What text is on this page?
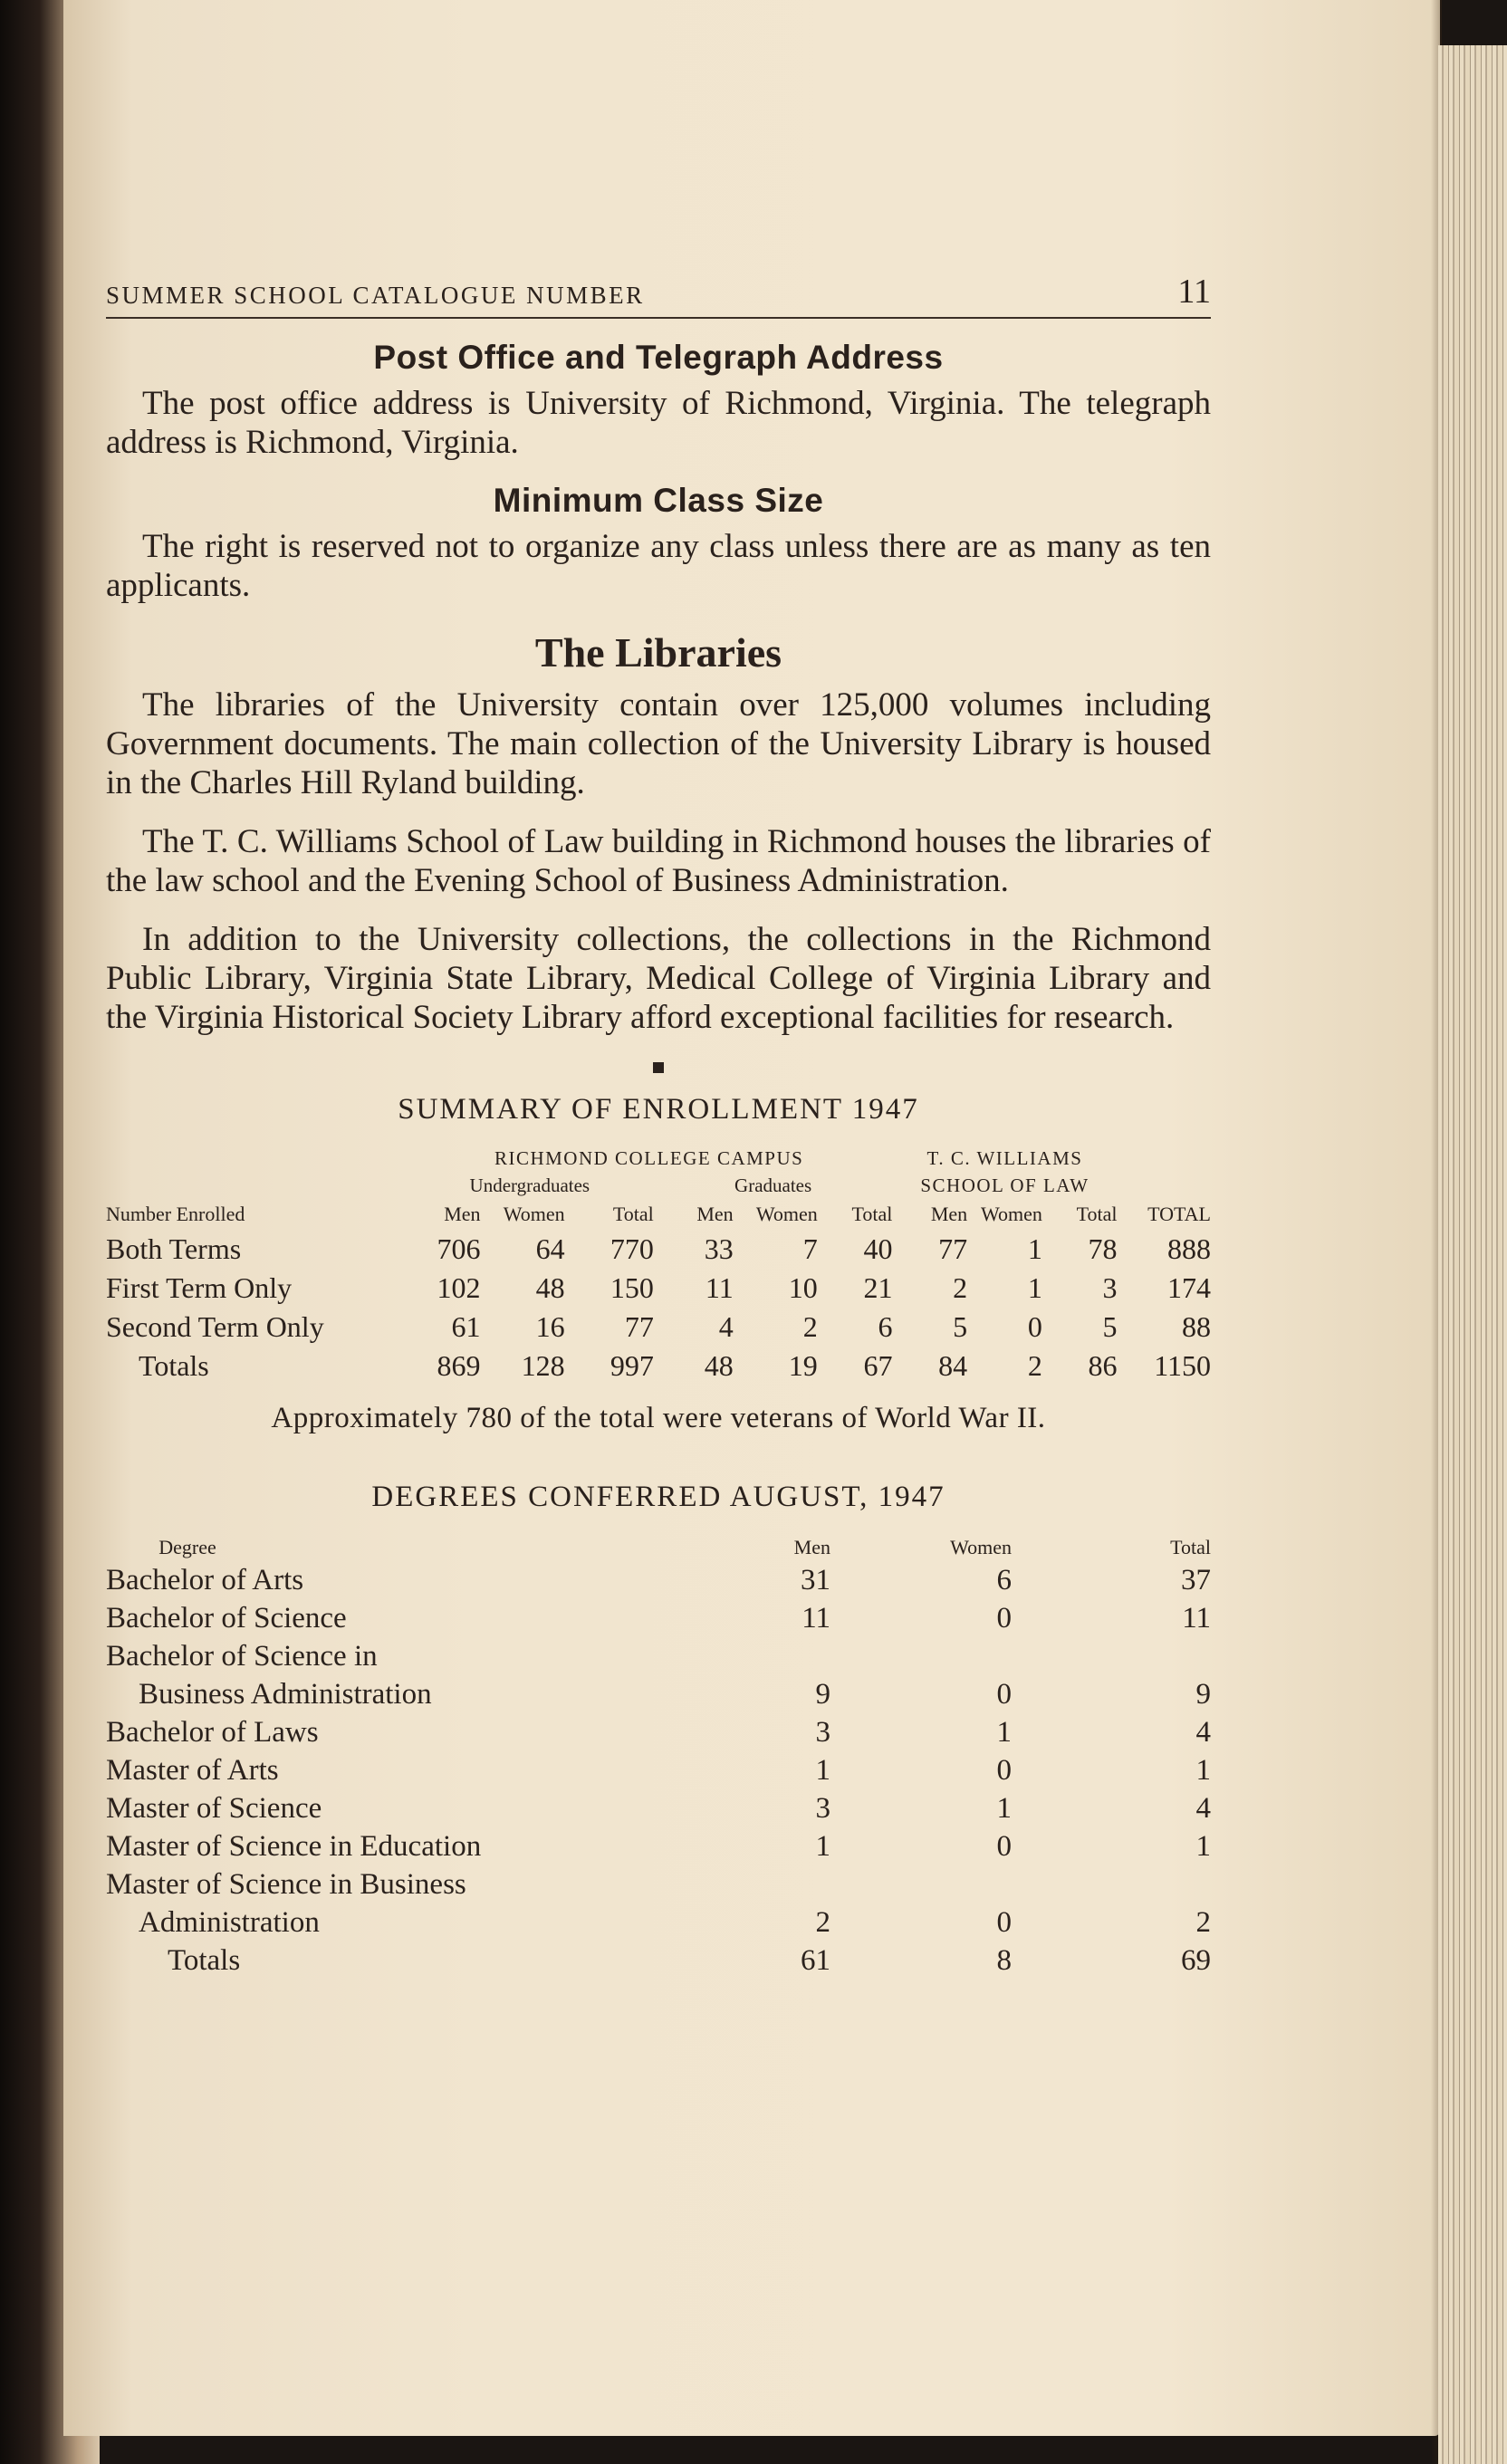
SUMMER SCHOOL CATALOGUE NUMBER	11
Post Office and Telegraph Address

The post office address is University of Richmond, Virginia. The telegraph address is Richmond, Virginia.

Minimum Class Size

The right is reserved not to organize any class unless there are as many as ten applicants.

The Libraries

The libraries of the University contain over 125,000 volumes including Government documents. The main collection of the University Library is housed in the Charles Hill Ryland building.

The T. C. Williams School of Law building in Richmond houses the libraries of the law school and the Evening School of Business Administration.

In addition to the University collections, the collections in the Richmond Public Library, Virginia State Library, Medical College of Virginia Library and the Virginia Historical Society Library afford exceptional facilities for research.

SUMMARY OF ENROLLMENT 1947
	RICHMOND COLLEGE CAMPUS						T. C. WILLIAMS			
	Undergraduates			Graduates			SCHOOL OF LAW			
Number Enrolled	Men	Women	Total	Men	Women	Total	Men	Women	Total	TOTAL
Both Terms	706	64	770	33	7	40	77	1	78	888
First Term Only	102	48	150	11	10	21	2	1	3	174
Second Term Only	61	16	77	4	2	6	5	0	5	88
Totals	869	128	997	48	19	67	84	2	86	1150
Approximately 780 of the total were veterans of World War II.
DEGREES CONFERRED AUGUST, 1947
Degree	Men	Women	Total
Bachelor of Arts	31	6	37
Bachelor of Science	11	0	11
Bachelor of Science in			
Business Administration	9	0	9
Bachelor of Laws	3	1	4
Master of Arts	1	0	1
Master of Science	3	1	4
Master of Science in Education	1	0	1
Master of Science in Business			
Administration	2	0	2
Totals	61	8	69
